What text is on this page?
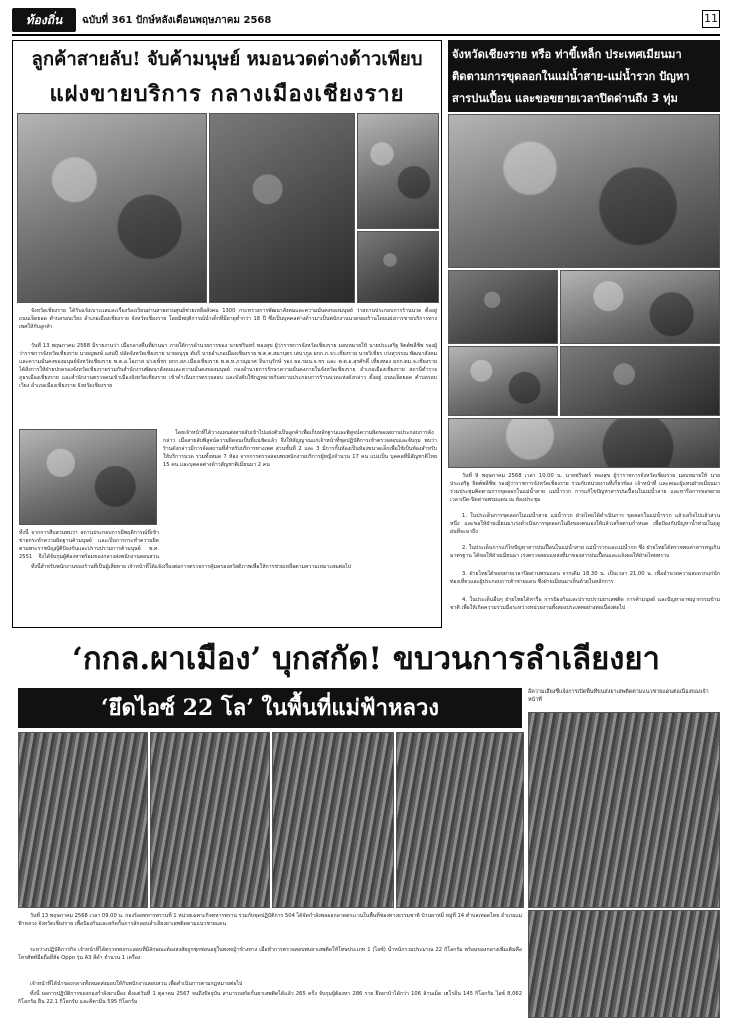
ท้องถิ่น	ฉบับที่ 361 ปักษ์หลังเดือนพฤษภาคม 2568	11
ลูกค้าสายลับ! จับค้ามนุษย์ หมอนวดต่างด้าวเพียบ
แฝงขายบริการ กลางเมืองเชียงราย
จังหวัดเชียงราย ได้รับแจ้งเบาะแสและเรื่องร้องเรียนผ่านสายด่วนศูนย์ช่วยเหลือสังคม 1300 กระทรวงการพัฒนาสังคมและความมั่นคงของมนุษย์ ว่าสถานประกอบการร้านนวด ตั้งอยู่ถนนเจ็ดยอด ตำบลรอบเวียง อำเภอเมืองเชียงราย จังหวัดเชียงราย โดยมีพฤติการณ์นำเด็กที่มีอายุต่ำกว่า 18 ปี ซึ่งเป็นบุคคลต่างด้าวมาเป็นพนักงานนวดของร้านโดยแฝงการขายบริการทางเพศให้กับลูกค้า
วันที่ 13 พฤษภาคม 2568 มีรายงานว่า เมื่อกลางคืนที่ผ่านมา ภายใต้การอำนวยการของ นายชรินทร์ ทองสุข ผู้ว่าราชการจังหวัดเชียงราย มอบหมายให้ นายประเสริฐ จิตต์พลีชีพ รองผู้ว่าราชการจังหวัดเชียงราย นายญพงษ์ แสนปี ปลัดจังหวัดเชียงราย นายอนุรุธ ตันรี นายอำเภอเมืองเชียงราย พ.ต.ต.สมาบุตร เสนาภูล ผกก.ภ.จว.เชียงราย นายวิเชียร เก่งสุวรรณ พัฒนาสังคมและความมั่นคงของมนุษย์จังหวัดเชียงราย พ.ต.อ.โอภาส ม่วงเพ็ชร ผกก.สภ.เมืองเชียงราย พ.ต.ท.ภาณุมาศ จีนานุรักษ์ รอง ผอ.รมน.จ.ชร และ พ.ต.อ.สุรศักดิ์ เที่ยงทอง ผกก.ตม.จ.เชียงราย ได้สั่งการให้ฝ่ายปกครองจังหวัดเชียงรายร่วมกับสำนักงานพัฒนาสังคมและความมั่นคงของมนุษย์ กองอำนวยการรักษาความมั่นคงภายในจังหวัดเชียงราย อำเภอเมืองเชียงราย สถานีตำรวจภูธรเมืองเชียงราย และสำนักงานตรวจคนเข้าเมืองจังหวัดเชียงราย เข้าดำเนินการตรวจสอบ และบังคับใช้กฎหมายกับสถานประกอบการร้านนวดแห่งดังกล่าว ตั้งอยู่ ถนนเจ็ดยอด ตำบลรอบเวียง อำเภอเมืองเชียงราย จังหวัดเชียงราย
โดยเจ้าหน้าที่ได้วางแผนส่งสายลับเข้าไปแฝงตัวเป็นลูกค้าเพื่อเก็บหลักฐานและพิสูจน์ความผิดของสถานประกอบการดังกล่าว เมื่อสายลับพิสูจน์ความผิดจนเป็นที่แน่ชัดแล้ว จึงให้สัญญาณแก่เจ้าหน้าที่ชุดปฏิบัติการเข้าตรวจสอบและจับกุม พบว่าร้านดังกล่าวมีการจัดสถานที่สำหรับบริการทางเพศ ส่วนชั้นที่ 2 และ 3 มีการกั้นห้องเป็นห้องขนาดเล็กเพื่อใช้เป็นห้องสำหรับให้บริการนวด รวมทั้งหมด 7 ห้อง จากการตรวจสอบพบพนักงานบริการผู้หญิงจำนวน 17 คน แบ่งเป็น บุคคลที่มีสัญชาติไทย 15 คน และบุคคลต่างด้าวสัญชาติเมียนมา 2 คน
ทั้งนี้ จากการสืบสวนพบว่า สถานประกอบการมีพฤติการณ์ที่เข้าข่ายกระทำความผิดฐานค้ามนุษย์ และเป็นการกระทำความผิดตามพระราชบัญญัติป้องกันและปราบปรามการค้ามนุษย์ พ.ศ. 2551 จึงได้จับกุมผู้ต้องหาพร้อมของกลางส่งพนักงานสอบสวน
ทั้งนี้สำหรับพนักงานของร้านที่เป็นผู้เสียหาย เจ้าหน้าที่ได้แจ้งเรื่องต่อการตรวจการคุ้มครองสวัสดิภาพเพื่อให้การช่วยเหลือตามความเหมาะสมต่อไป
จังหวัดเชียงราย หรือ ท่าขี้เหล็ก ประเทศเมียนมา
ติดตามการขุดลอกในแม่น้ำสาย-แม่น้ำรวก ปัญหา
สารปนเปื้อน และขอขยายเวลาปิดด่านถึง 3 ทุ่ม
วันที่ 9 พฤษภาคม 2568 เวลา 10.00 น. นายชรินทร์ ทองสุข ผู้ว่าราชการจังหวัดเชียงราย มอบหมายให้ นายประเสริฐ จิตต์พลีชีพ รองผู้ว่าราชการจังหวัดเชียงราย ร่วมกับหน่วยงานที่เกี่ยวข้อง เจ้าหน้าที่ และคณะผู้แทนฝ่ายเมียนมา ร่วมประชุมติดตามการขุดลอกในแม่น้ำสาย แม่น้ำรวก การแก้ไขปัญหาสารปนเปื้อนในแม่น้ำสาย และหารือการขอขยายเวลาเปิด-ปิดด่านพรมแดน ณ ห้องประชุม
1. ในประเด็นการขุดลอกในแม่น้ำสาย แม่น้ำรวก ฝ่ายไทยได้ดำเนินการ ขุดลอกในแม่น้ำรวก แล้วเสร็จไปแล้วส่วนหนึ่ง และขอให้ฝ่ายเมียนมาเร่งดำเนินการขุดลอกในฝั่งของตนเองให้แล้วเสร็จตามกำหนด เพื่อป้องกันปัญหาน้ำท่วมในฤดูฝนที่จะมาถึง
2. ในประเด็นการแก้ไขปัญหาสารปนเปื้อนในแม่น้ำสาย แม่น้ำรวกและแม่น้ำกก ซึ่ง ฝ่ายไทยได้ตรวจพบค่าสารหนูเกินมาตรฐาน ได้ขอให้ฝ่ายเมียนมา เร่งตรวจสอบแหล่งที่มาของสารปนเปื้อนและแจ้งผลให้ฝ่ายไทยทราบ
3. ฝ่ายไทยได้ขอขยายเวลาปิดด่านพรมแดน จากเดิม 18.30 น. เป็นเวลา 21.00 น. เพื่ออำนวยความสะดวกแก่นักท่องเที่ยวและผู้ประกอบการค้าชายแดน ซึ่งฝ่ายเมียนมาเห็นด้วยในหลักการ
4. ในประเด็นอื่นๆ ฝ่ายไทยได้หารือ การป้องกันและปราบปรามยาเสพติด การค้ามนุษย์ และปัญหาอาชญากรรมข้ามชาติ เพื่อให้เกิดความร่วมมือระหว่างหน่วยงานทั้งสองประเทศอย่างต่อเนื่องต่อไป
‘กกล.ผาเมือง’ บุกสกัด! ขบวนการลำเลียงยา
‘ยึดไอซ์ 22 โล’ ในพื้นที่แม่ฟ้าหลวง
อีความเสียงชี้แจ้งการเปิดพื้นที่ขนส่งยาเสพติดตามแนวชายแดนต่อเนื่องของเจ้าหน้าที่
วันที่ 13 พฤษภาคม 2568 เวลา 09.00 น. กองร้อยทหารพรานที่ 1 หน่วยเฉพาะกิจทหารพราน ร่วมกับชุดปฏิบัติการ 504 ได้จัดกำลังพลออกลาดตระเวนในพื้นที่ช่องทางธรรมชาติ บ้านผาหมี หมู่ที่ 14 ตำบลเทอดไทย อำเภอแม่ฟ้าหลวง จังหวัดเชียงราย เพื่อป้องกันและสกัดกั้นการลักลอบลำเลียงยาเสพติดตามแนวชายแดน
ระหว่างปฏิบัติภารกิจ เจ้าหน้าที่ได้ตรวจพบกระสอบที่มีลักษณะต้องสงสัยถูกซุกซ่อนอยู่ในพงหญ้าข้างทาง เมื่อทำการตรวจสอบพบยาเสพติดให้โทษประเภท 1 (ไอซ์) น้ำหนักรวมประมาณ 22 กิโลกรัม พร้อมของกลางเพิ่มเติมคือโทรศัพท์มือถือยี่ห้อ Oppo รุ่น A3 สีดำ จำนวน 1 เครื่อง
เจ้าหน้าที่ได้นำของกลางทั้งหมดส่งมอบให้กับพนักงานสอบสวน เพื่อดำเนินการตามกฎหมายต่อไป
ทั้งนี้ ผลการปฏิบัติการของกองกำลังผาเมือง ตั้งแต่วันที่ 1 ตุลาคม 2567 จนถึงปัจจุบัน สามารถสกัดกั้นยาเสพติดได้แล้ว 265 ครั้ง จับกุมผู้ต้องหา 286 ราย ยึดยาบ้าได้กว่า 106 ล้านเม็ด เฮโรอีน 145 กิโลกรัม ไอซ์ 8,062 กิโลกรัม ฝิ่น 22.1 กิโลกรัม และคีตามีน 595 กิโลกรัม
